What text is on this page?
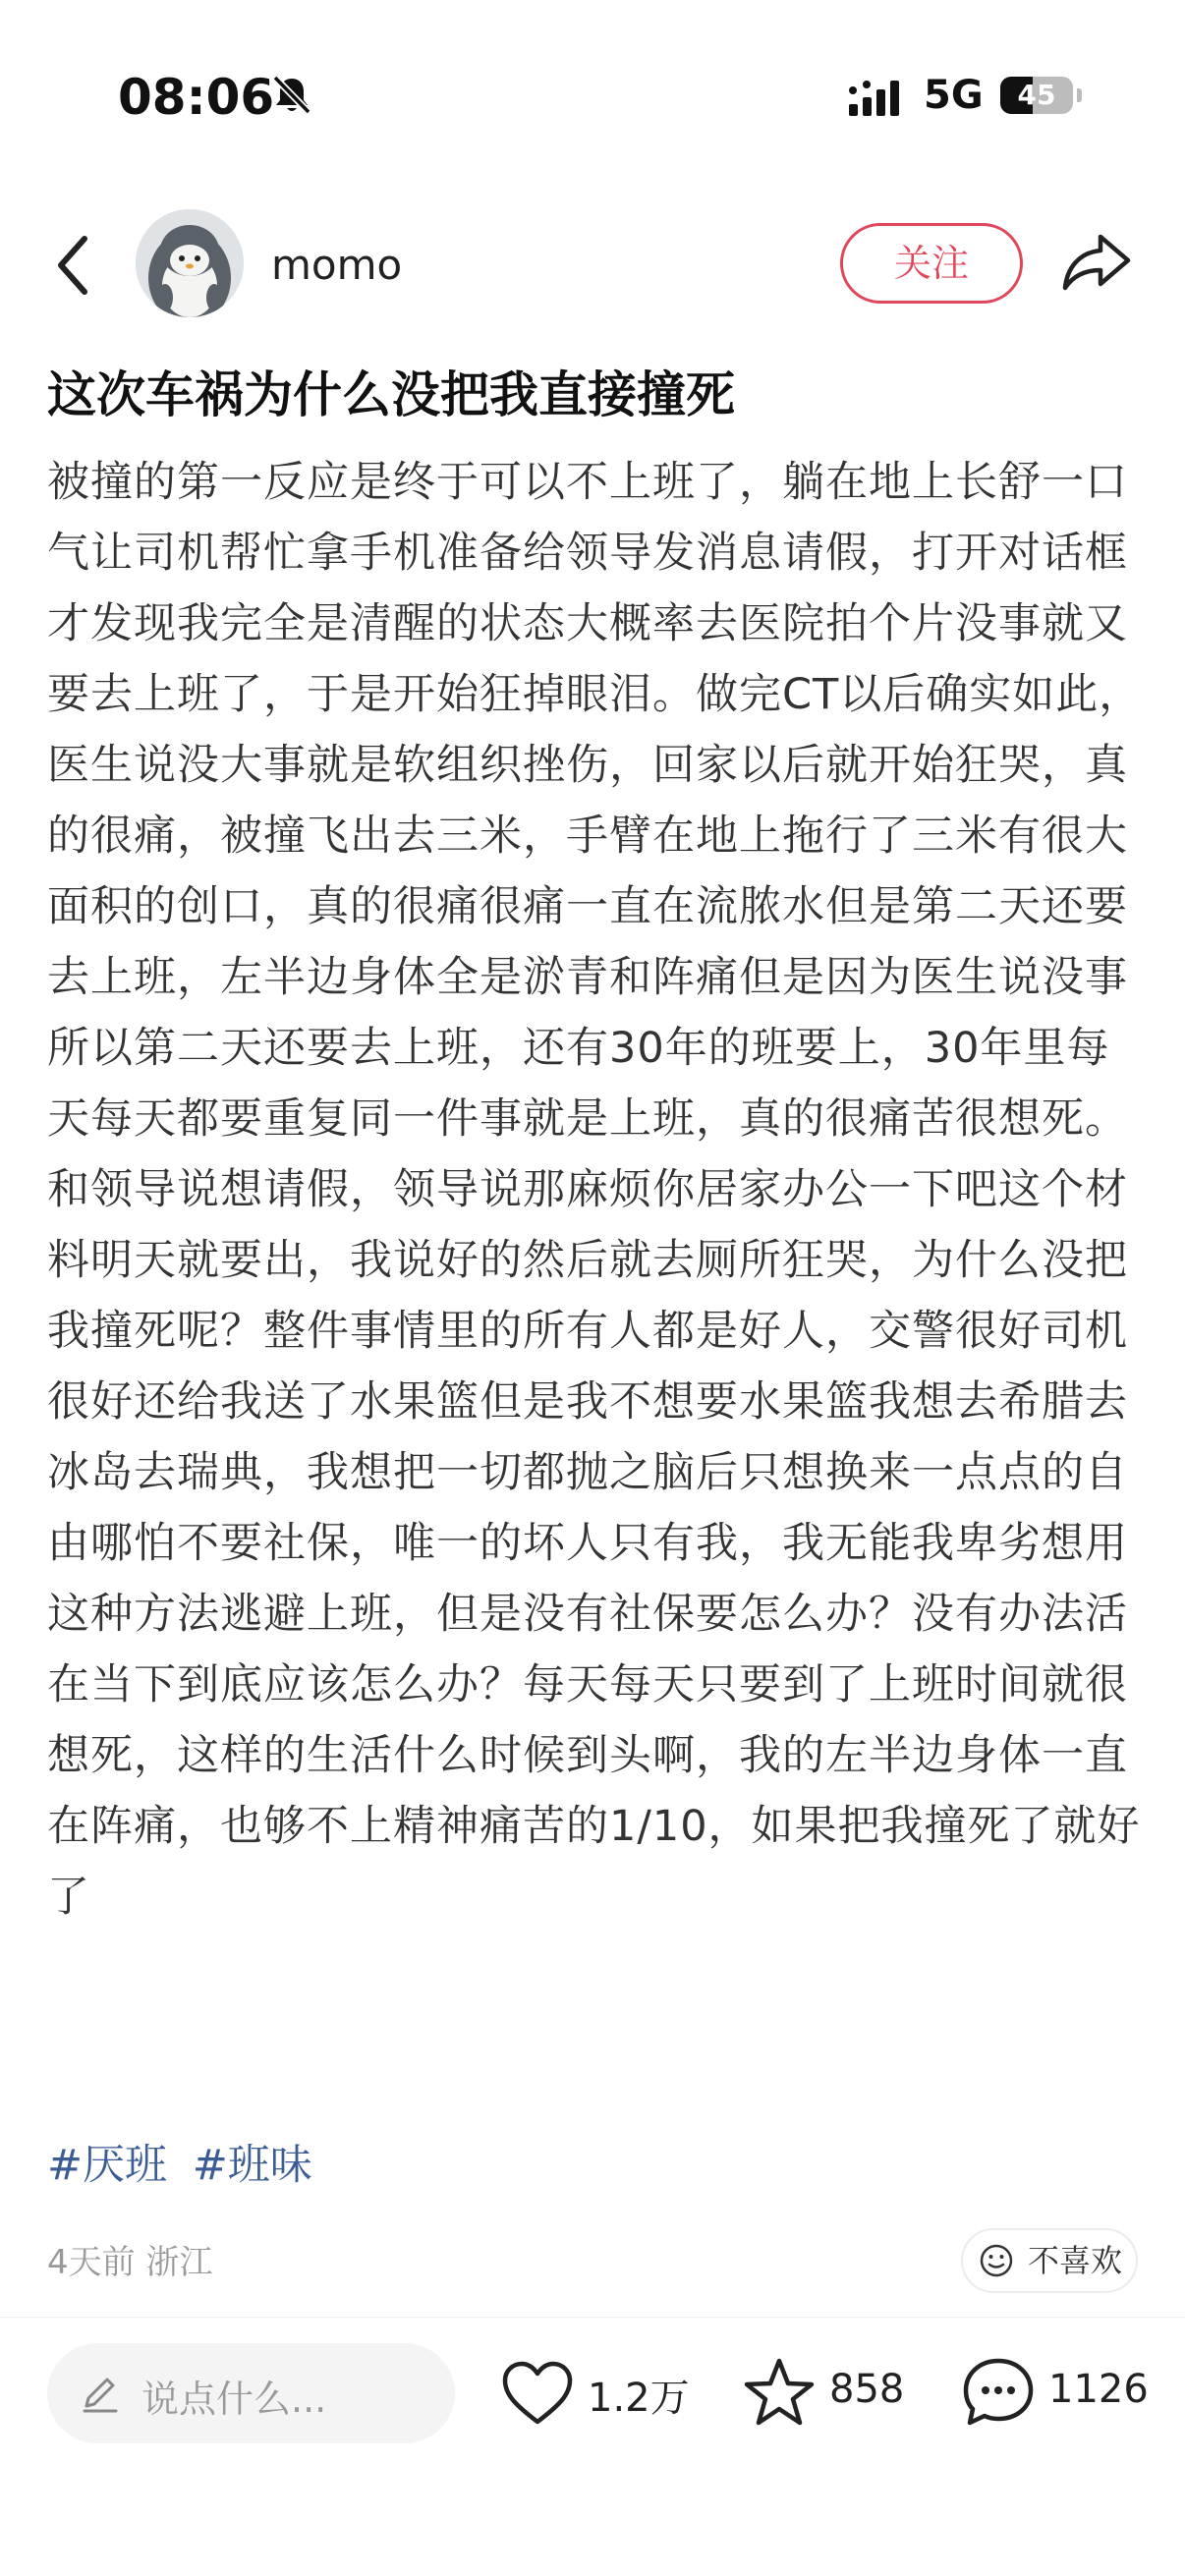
08:06	5G	45
momo	关注
这次车祸为什么没把我直接撞死

被撞的第一反应是终于可以不上班了，躺在地上长舒一口气让司机帮忙拿手机准备给领导发消息请假，打开对话框才发现我完全是清醒的状态大概率去医院拍个片没事就又要去上班了，于是开始狂掉眼泪。做完CT以后确实如此，医生说没大事就是软组织挫伤，回家以后就开始狂哭，真的很痛，被撞飞出去三米，手臂在地上拖行了三米有很大面积的创口，真的很痛很痛一直在流脓水但是第二天还要去上班，左半边身体全是淤青和阵痛但是因为医生说没事所以第二天还要去上班，还有30年的班要上，30年里每天每天都要重复同一件事就是上班，真的很痛苦很想死。和领导说想请假，领导说那麻烦你居家办公一下吧这个材料明天就要出，我说好的然后就去厕所狂哭，为什么没把我撞死呢？整件事情里的所有人都是好人，交警很好司机很好还给我送了水果篮但是我不想要水果篮我想去希腊去冰岛去瑞典，我想把一切都抛之脑后只想换来一点点的自由哪怕不要社保，唯一的坏人只有我，我无能我卑劣想用这种方法逃避上班，但是没有社保要怎么办？没有办法活在当下到底应该怎么办？每天每天只要到了上班时间就很想死，这样的生活什么时候到头啊，我的左半边身体一直在阵痛，也够不上精神痛苦的1/10，如果把我撞死了就好了

#厌班 #班味
4天前 浙江	不喜欢
说点什么...	1.2万	858	1126
